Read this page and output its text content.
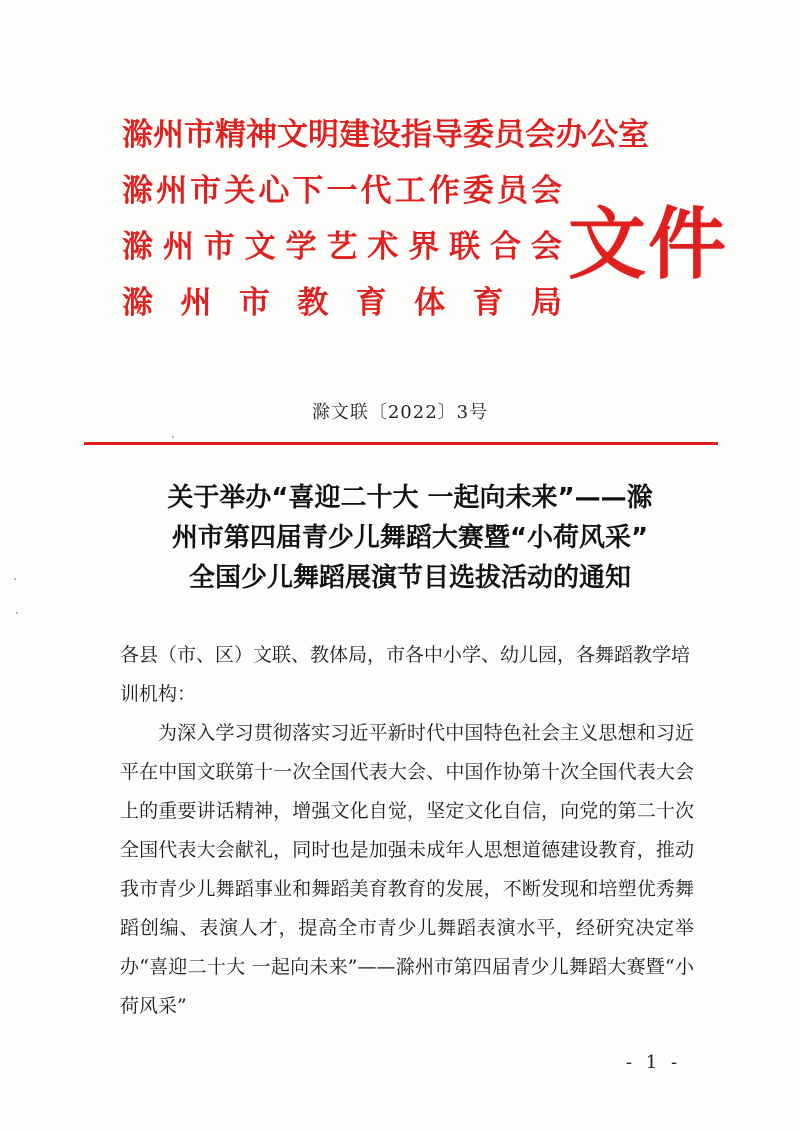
滁 州 市 精 神 文 明 建 设 指 导 委 员 会 办 公 室
滁 州 市 关 心 下 一 代 工 作 委 员 会
滁 州 市 文 学 艺 术 界 联 合 会
滁 州 市 教 育 体 育 局
文件
滁文联〔2022〕3号
关于举办“喜迎二十大 一起向未来”——滁
州市第四届青少儿舞蹈大赛暨“小荷风采”
全国少儿舞蹈展演节目选拔活动的通知

各县（市、区）文联、教体局，市各中小学、幼儿园，各舞蹈教学培训机构：

为深入学习贯彻落实习近平新时代中国特色社会主义思想和习近平在中国文联第十一次全国代表大会、中国作协第十次全国代表大会上的重要讲话精神，增强文化自觉，坚定文化自信，向党的第二十次全国代表大会献礼，同时也是加强未成年人思想道德建设教育，推动我市青少儿舞蹈事业和舞蹈美育教育的发展，不断发现和培塑优秀舞蹈创编、表演人才，提高全市青少儿舞蹈表演水平，经研究决定举办“喜迎二十大 一起向未来”——滁州市第四届青少儿舞蹈大赛暨“小荷风采”

- 1 -
